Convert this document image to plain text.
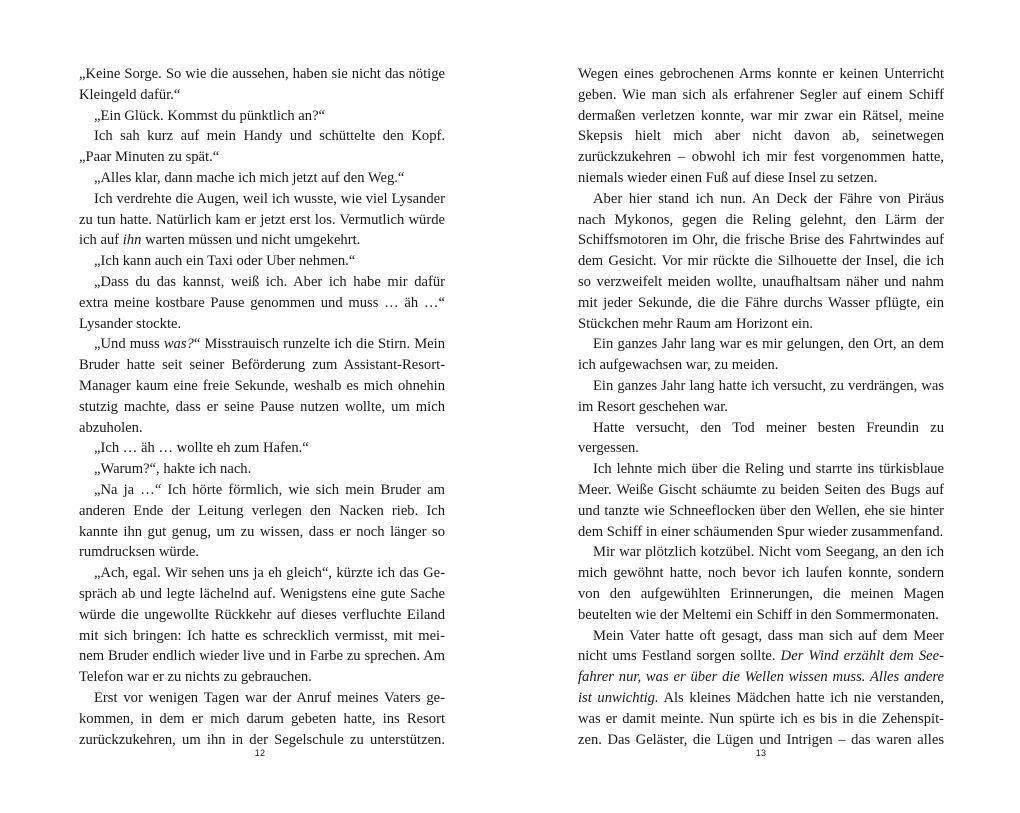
„Keine Sorge. So wie die aussehen, haben sie nicht das nötige Kleingeld dafür.“

„Ein Glück. Kommst du pünktlich an?“

Ich sah kurz auf mein Handy und schüttelte den Kopf. „Paar Minuten zu spät.“

„Alles klar, dann mache ich mich jetzt auf den Weg.“

Ich verdrehte die Augen, weil ich wusste, wie viel Lysander zu tun hatte. Natürlich kam er jetzt erst los. Vermutlich würde ich auf ihn warten müssen und nicht umgekehrt.

„Ich kann auch ein Taxi oder Uber nehmen.“

„Dass du das kannst, weiß ich. Aber ich habe mir dafür extra meine kostbare Pause genommen und muss … äh …“ Lysander stockte.

„Und muss was?“ Misstrauisch runzelte ich die Stirn. Mein Bruder hatte seit seiner Beförderung zum Assistant-Resort-Manager kaum eine freie Sekunde, weshalb es mich ohnehin stutzig machte, dass er seine Pause nutzen wollte, um mich abzuholen.

„Ich … äh … wollte eh zum Hafen.“

„Warum?“, hakte ich nach.

„Na ja …“ Ich hörte förmlich, wie sich mein Bruder am anderen Ende der Leitung verlegen den Nacken rieb. Ich kannte ihn gut genug, um zu wissen, dass er noch länger so rumdrucksen würde.

„Ach, egal. Wir sehen uns ja eh gleich“, kürzte ich das Gespräch ab und legte lächelnd auf. Wenigstens eine gute Sache würde die ungewollte Rückkehr auf dieses verfluchte Eiland mit sich bringen: Ich hatte es schrecklich vermisst, mit meinem Bruder endlich wieder live und in Farbe zu sprechen. Am Telefon war er zu nichts zu gebrauchen.

Erst vor wenigen Tagen war der Anruf meines Vaters gekommen, in dem er mich darum gebeten hatte, ins Resort zurückzukehren, um ihn in der Segelschule zu unterstützen.

12

Wegen eines gebrochenen Arms konnte er keinen Unterricht geben. Wie man sich als erfahrener Segler auf einem Schiff dermaßen verletzen konnte, war mir zwar ein Rätsel, meine Skepsis hielt mich aber nicht davon ab, seinetwegen zurückzukehren – obwohl ich mir fest vorgenommen hatte, niemals wieder einen Fuß auf diese Insel zu setzen.

Aber hier stand ich nun. An Deck der Fähre von Piräus nach Mykonos, gegen die Reling gelehnt, den Lärm der Schiffsmotoren im Ohr, die frische Brise des Fahrtwindes auf dem Gesicht. Vor mir rückte die Silhouette der Insel, die ich so verzweifelt meiden wollte, unaufhaltsam näher und nahm mit jeder Sekunde, die die Fähre durchs Wasser pflügte, ein Stückchen mehr Raum am Horizont ein.

Ein ganzes Jahr lang war es mir gelungen, den Ort, an dem ich aufgewachsen war, zu meiden.

Ein ganzes Jahr lang hatte ich versucht, zu verdrängen, was im Resort geschehen war.

Hatte versucht, den Tod meiner besten Freundin zu vergessen.

Ich lehnte mich über die Reling und starrte ins türkisblaue Meer. Weiße Gischt schäumte zu beiden Seiten des Bugs auf und tanzte wie Schneeflocken über den Wellen, ehe sie hinter dem Schiff in einer schäumenden Spur wieder zusammenfand.

Mir war plötzlich kotzübel. Nicht vom Seegang, an den ich mich gewöhnt hatte, noch bevor ich laufen konnte, sondern von den aufgewühlten Erinnerungen, die meinen Magen beutelten wie der Meltemi ein Schiff in den Sommermonaten.

Mein Vater hatte oft gesagt, dass man sich auf dem Meer nicht ums Festland sorgen sollte. Der Wind erzählt dem Seefahrer nur, was er über die Wellen wissen muss. Alles andere ist unwichtig. Als kleines Mädchen hatte ich nie verstanden, was er damit meinte. Nun spürte ich es bis in die Zehenspitzen. Das Geläster, die Lügen und Intrigen – das waren alles

13
